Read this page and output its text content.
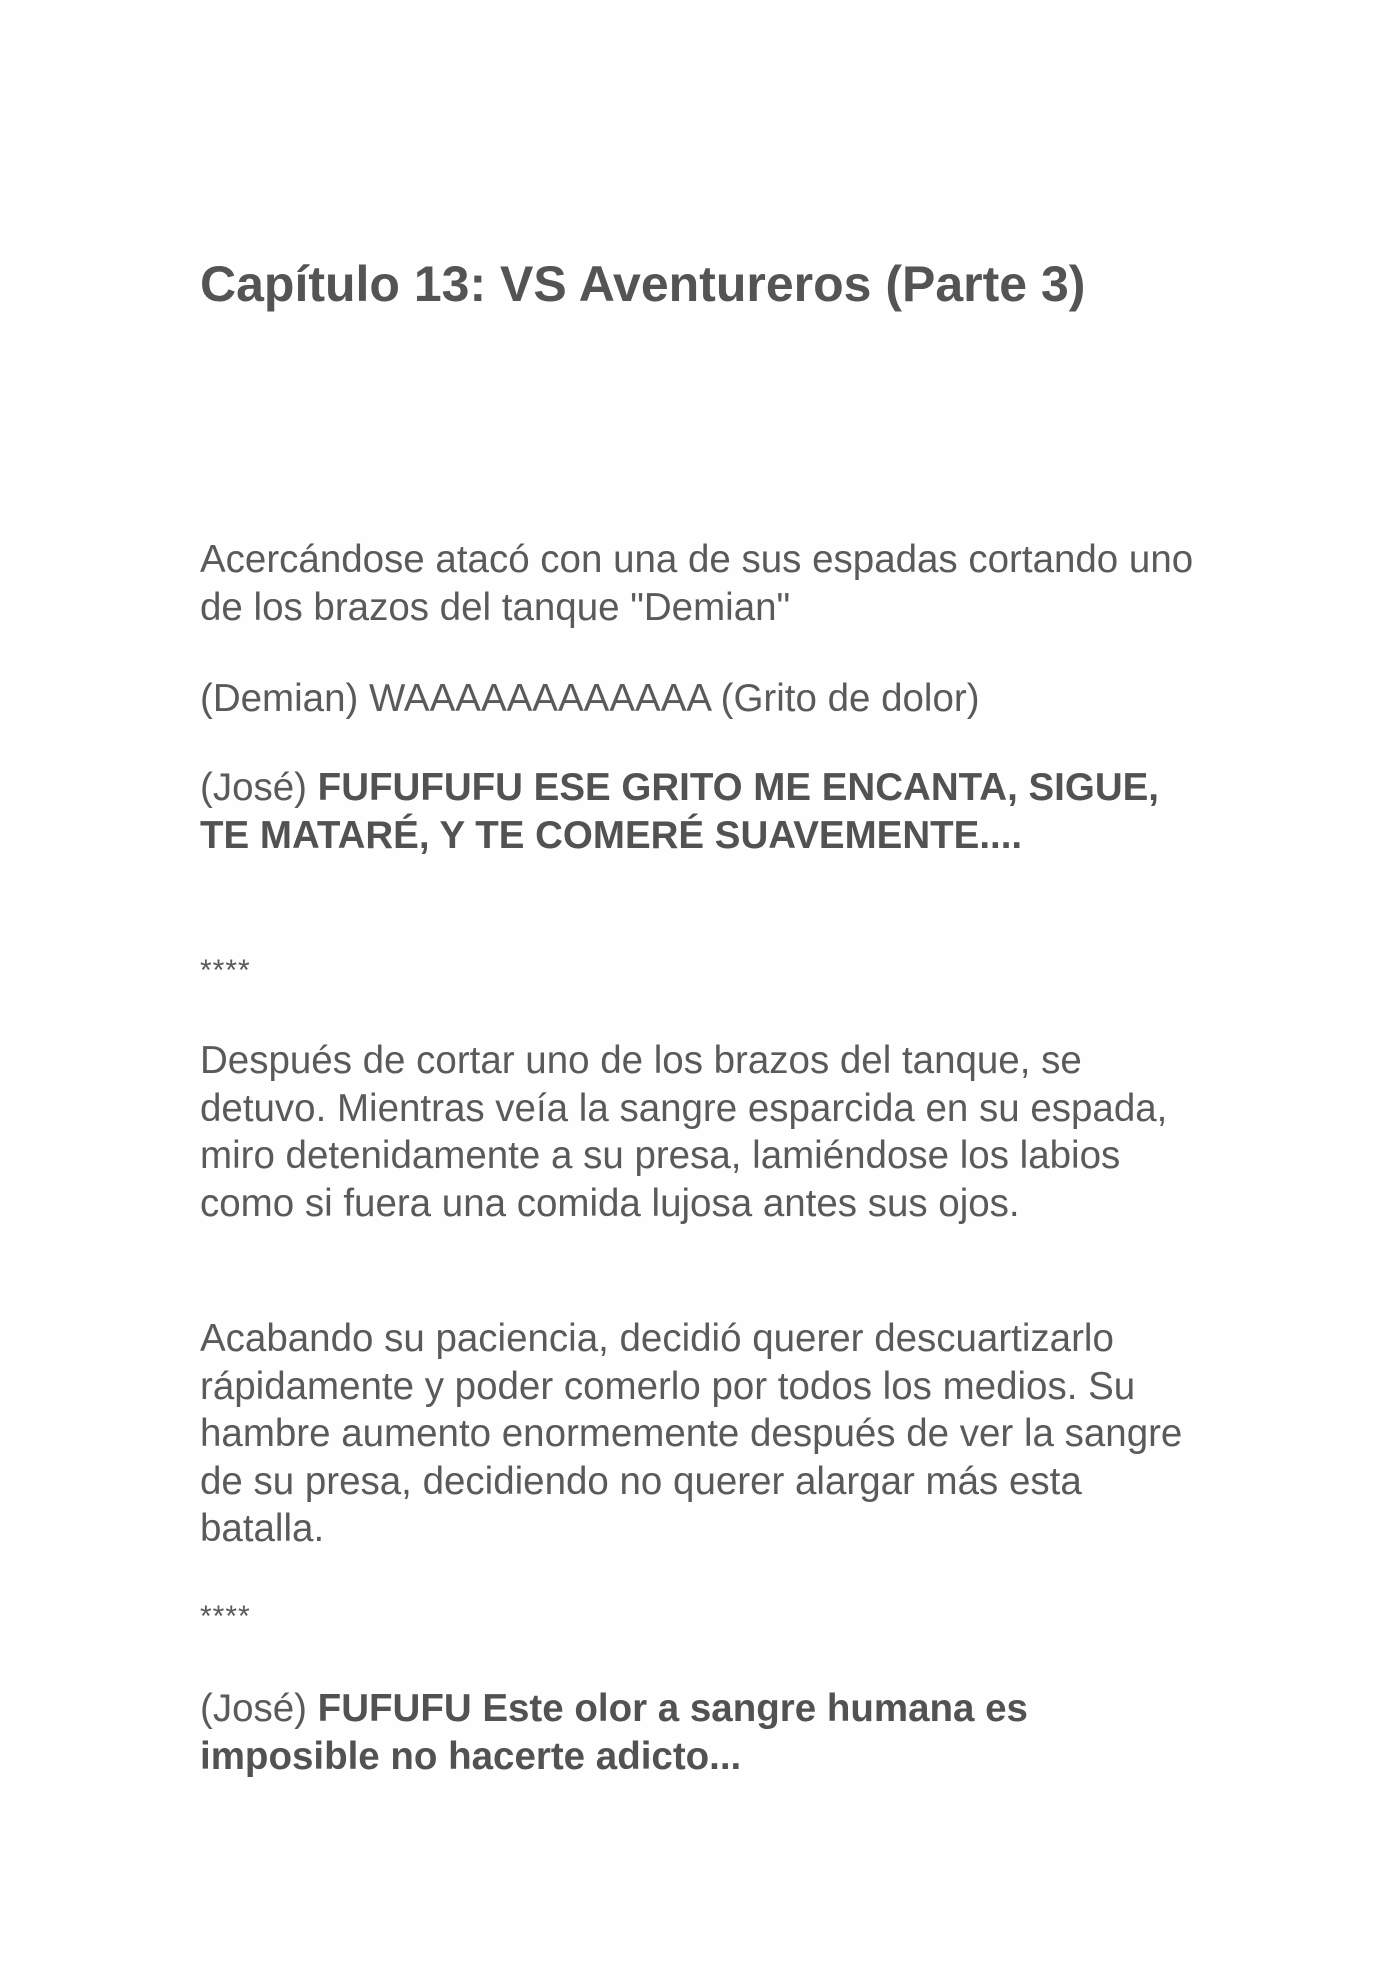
Capítulo 13: VS Aventureros (Parte 3)

Acercándose atacó con una de sus espadas cortando uno de los brazos del tanque "Demian"

(Demian) WAAAAAAAAAAAA (Grito de dolor)

(José) FUFUFUFU ESE GRITO ME ENCANTA, SIGUE, TE MATARÉ, Y TE COMERÉ SUAVEMENTE....

****

Después de cortar uno de los brazos del tanque, se detuvo. Mientras veía la sangre esparcida en su espada, miro detenidamente a su presa, lamiéndose los labios como si fuera una comida lujosa antes sus ojos.

Acabando su paciencia, decidió querer descuartizarlo rápidamente y poder comerlo por todos los medios. Su hambre aumento enormemente después de ver la sangre de su presa, decidiendo no querer alargar más esta batalla.

****

(José) FUFUFU Este olor a sangre humana es imposible no hacerte adicto...
